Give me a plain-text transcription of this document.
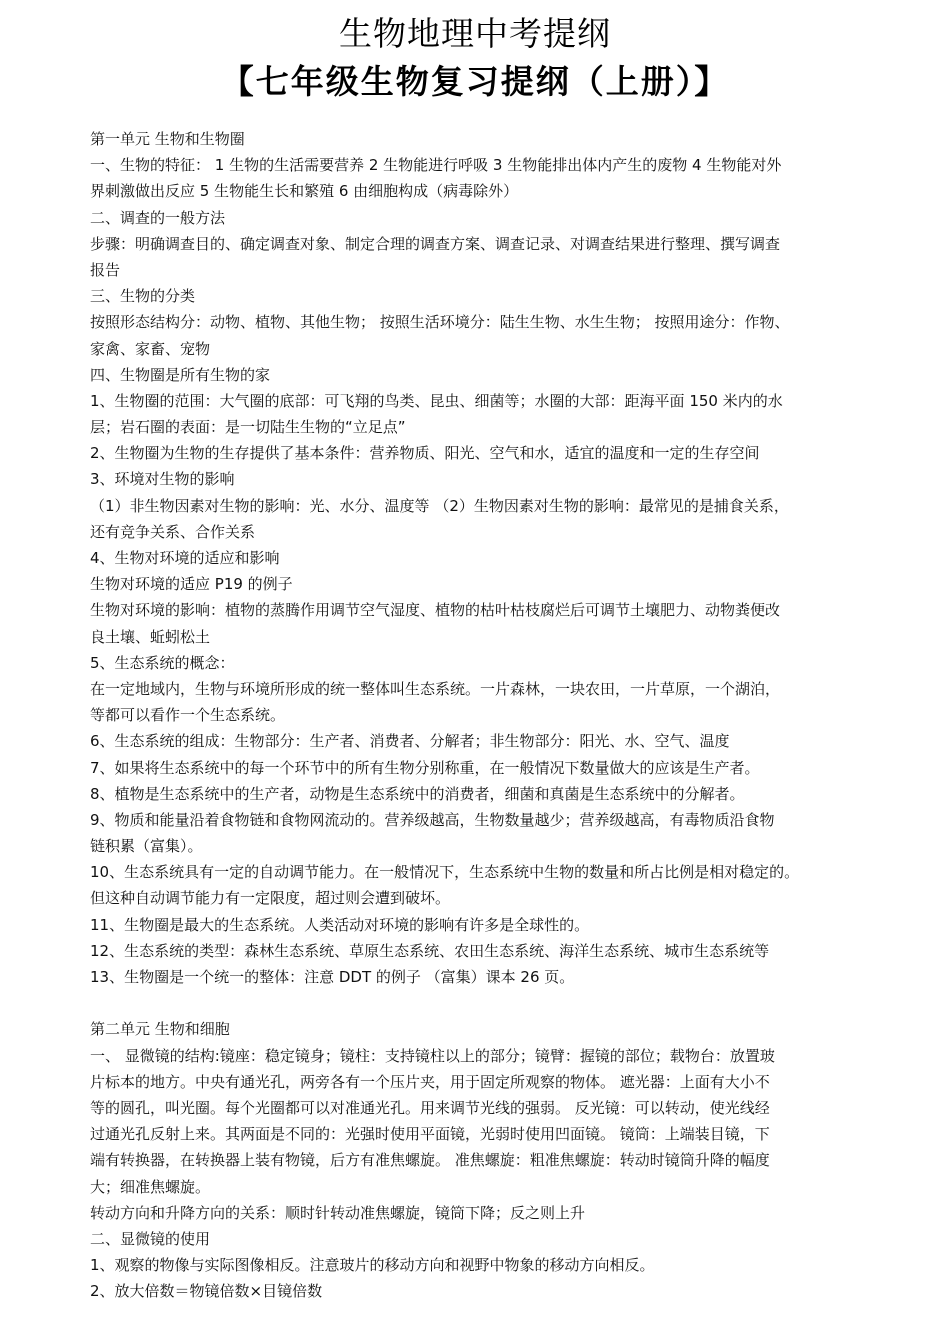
生物地理中考提纲
【七年级生物复习提纲（上册）】
第一单元 生物和生物圈
一、生物的特征： 1 生物的生活需要营养 2 生物能进行呼吸 3 生物能排出体内产生的废物 4 生物能对外
界刺激做出反应 5 生物能生长和繁殖 6 由细胞构成（病毒除外）
二、调查的一般方法
步骤：明确调查目的、确定调查对象、制定合理的调查方案、调查记录、对调查结果进行整理、撰写调查
报告
三、生物的分类
按照形态结构分：动物、植物、其他生物； 按照生活环境分：陆生生物、水生生物； 按照用途分：作物、
家禽、家畜、宠物
四、生物圈是所有生物的家
1、生物圈的范围：大气圈的底部：可飞翔的鸟类、昆虫、细菌等；水圈的大部：距海平面 150 米内的水
层；岩石圈的表面：是一切陆生生物的“立足点”
2、生物圈为生物的生存提供了基本条件：营养物质、阳光、空气和水，适宜的温度和一定的生存空间
3、环境对生物的影响
（1）非生物因素对生物的影响：光、水分、温度等 （2）生物因素对生物的影响：最常见的是捕食关系，
还有竞争关系、合作关系
4、生物对环境的适应和影响
生物对环境的适应 P19 的例子
生物对环境的影响：植物的蒸腾作用调节空气湿度、植物的枯叶枯枝腐烂后可调节土壤肥力、动物粪便改
良土壤、蚯蚓松土
5、生态系统的概念：
在一定地域内，生物与环境所形成的统一整体叫生态系统。一片森林，一块农田，一片草原，一个湖泊，
等都可以看作一个生态系统。
6、生态系统的组成：生物部分：生产者、消费者、分解者；非生物部分：阳光、水、空气、温度
7、如果将生态系统中的每一个环节中的所有生物分别称重，在一般情况下数量做大的应该是生产者。
8、植物是生态系统中的生产者，动物是生态系统中的消费者，细菌和真菌是生态系统中的分解者。
9、物质和能量沿着食物链和食物网流动的。营养级越高，生物数量越少；营养级越高，有毒物质沿食物
链积累（富集）。
10、生态系统具有一定的自动调节能力。在一般情况下，生态系统中生物的数量和所占比例是相对稳定的。
但这种自动调节能力有一定限度，超过则会遭到破坏。
11、生物圈是最大的生态系统。人类活动对环境的影响有许多是全球性的。
12、生态系统的类型：森林生态系统、草原生态系统、农田生态系统、海洋生态系统、城市生态系统等
13、生物圈是一个统一的整体：注意 DDT 的例子 （富集）课本 26 页。
第二单元 生物和细胞
一、 显微镜的结构:镜座：稳定镜身；镜柱：支持镜柱以上的部分；镜臂：握镜的部位；载物台：放置玻
片标本的地方。中央有通光孔，两旁各有一个压片夹，用于固定所观察的物体。 遮光器：上面有大小不
等的圆孔，叫光圈。每个光圈都可以对准通光孔。用来调节光线的强弱。 反光镜：可以转动，使光线经
过通光孔反射上来。其两面是不同的：光强时使用平面镜，光弱时使用凹面镜。 镜筒：上端装目镜，下
端有转换器，在转换器上装有物镜，后方有准焦螺旋。 准焦螺旋：粗准焦螺旋：转动时镜筒升降的幅度
大；细准焦螺旋。
转动方向和升降方向的关系：顺时针转动准焦螺旋，镜筒下降；反之则上升
二、显微镜的使用
1、观察的物像与实际图像相反。注意玻片的移动方向和视野中物象的移动方向相反。
2、放大倍数＝物镜倍数×目镜倍数
